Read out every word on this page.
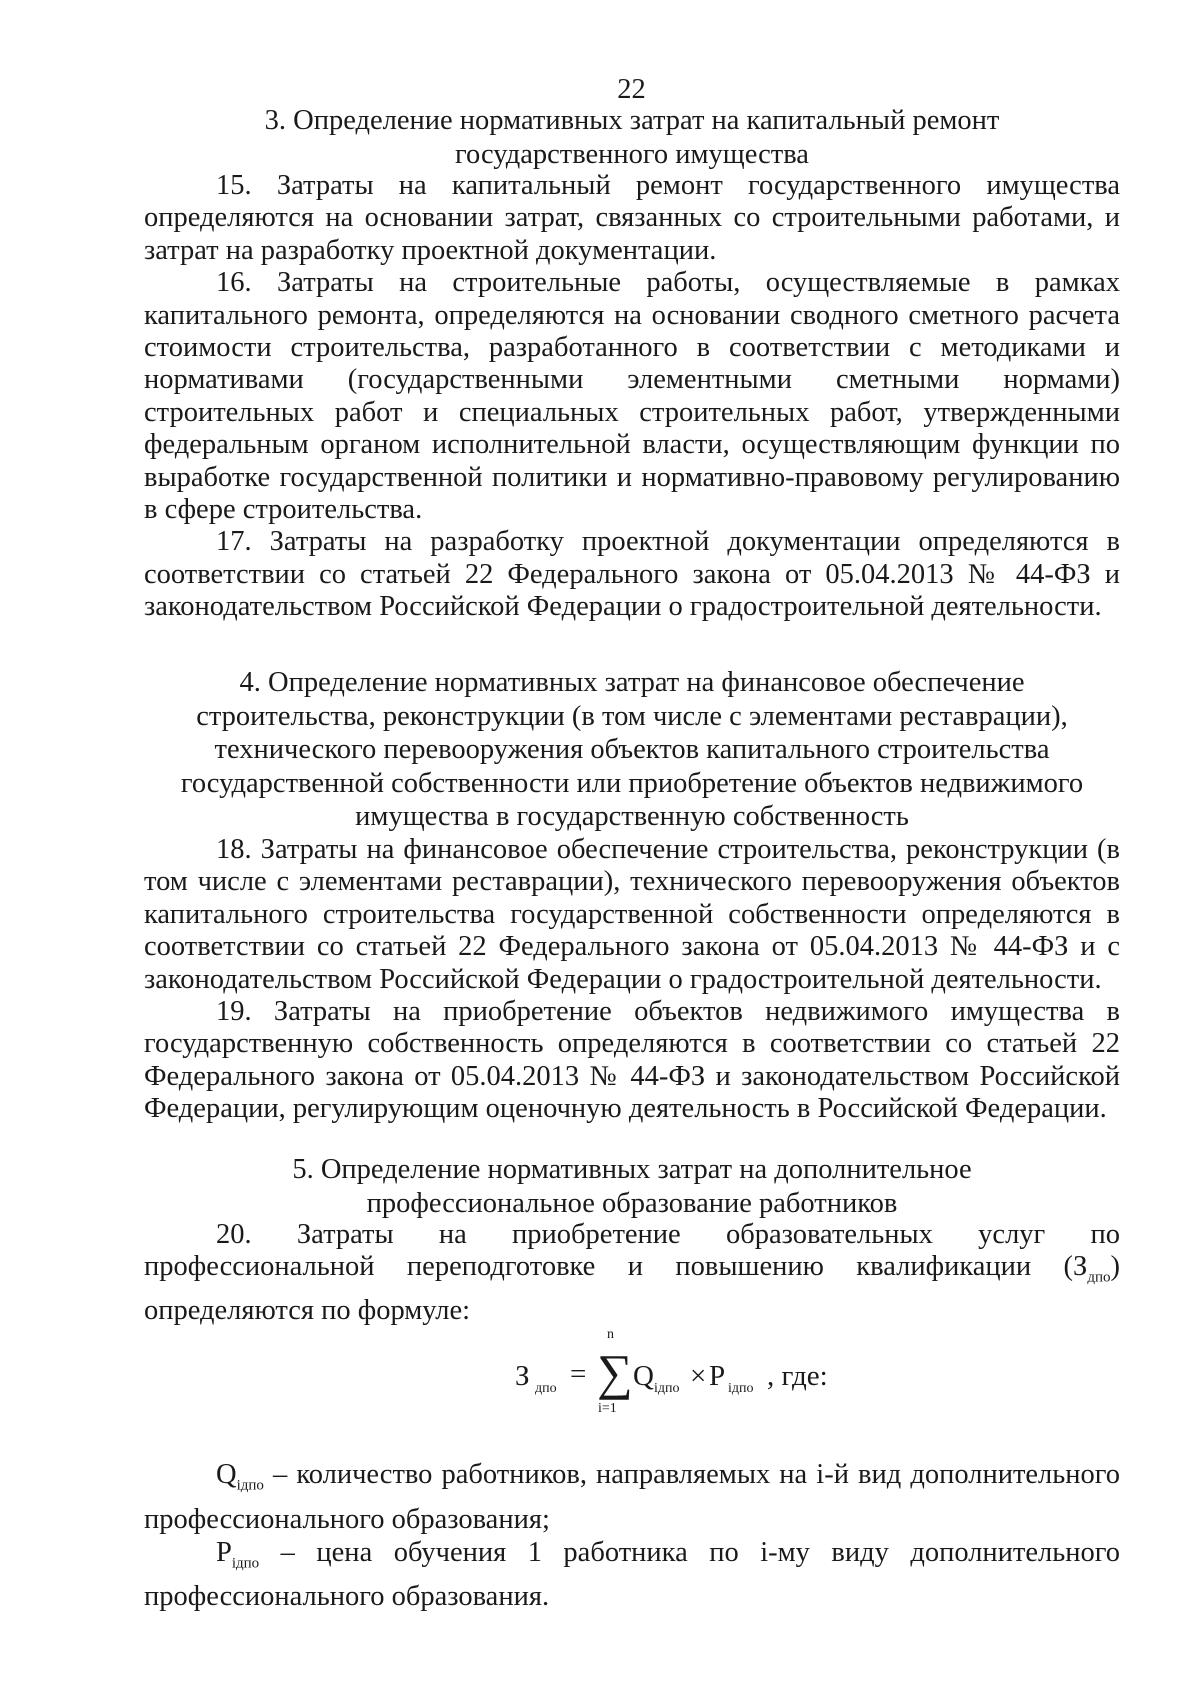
22
3. Определение нормативных затрат на капитальный ремонт
государственного имущества

15. Затраты на капитальный ремонт государственного имущества определяются на основании затрат, связанных со строительными работами, и затрат на разработку проектной документации.

16. Затраты на строительные работы, осуществляемые в рамках капитального ремонта, определяются на основании сводного сметного расчета стоимости строительства, разработанного в соответствии с методиками и нормативами (государственными элементными сметными нормами) строительных работ и специальных строительных работ, утвержденными федеральным органом исполнительной власти, осуществляющим функции по выработке государственной политики и нормативно-правовому регулированию в сфере строительства.

17. Затраты на разработку проектной документации определяются в соответствии со статьей 22 Федерального закона от 05.04.2013 № 44-ФЗ и законодательством Российской Федерации о градостроительной деятельности.

4. Определение нормативных затрат на финансовое обеспечение
строительства, реконструкции (в том числе с элементами реставрации),
технического перевооружения объектов капитального строительства
государственной собственности или приобретение объектов недвижимого
имущества в государственную собственность

18. Затраты на финансовое обеспечение строительства, реконструкции (в том числе с элементами реставрации), технического перевооружения объектов капитального строительства государственной собственности определяются в соответствии со статьей 22 Федерального закона от 05.04.2013 № 44-ФЗ и с законодательством Российской Федерации о градостроительной деятельности.

19. Затраты на приобретение объектов недвижимого имущества в государственную собственность определяются в соответствии со статьей 22 Федерального закона от 05.04.2013 № 44-ФЗ и законодательством Российской Федерации, регулирующим оценочную деятельность в Российской Федерации.

5. Определение нормативных затрат на дополнительное
профессиональное образование работников

20. Затраты на приобретение образовательных услуг по профессиональной переподготовке и повышению квалификации $(З_{дпо})$ определяются по формуле:

З дпо =
n
∑
i=1
Q iдпо × P iдпо , где:

$Q_{iдпо}$ – количество работников, направляемых на i-й вид дополнительного профессионального образования;

$P_{iдпо}$ – цена обучения 1 работника по i-му виду дополнительного профессионального образования.
